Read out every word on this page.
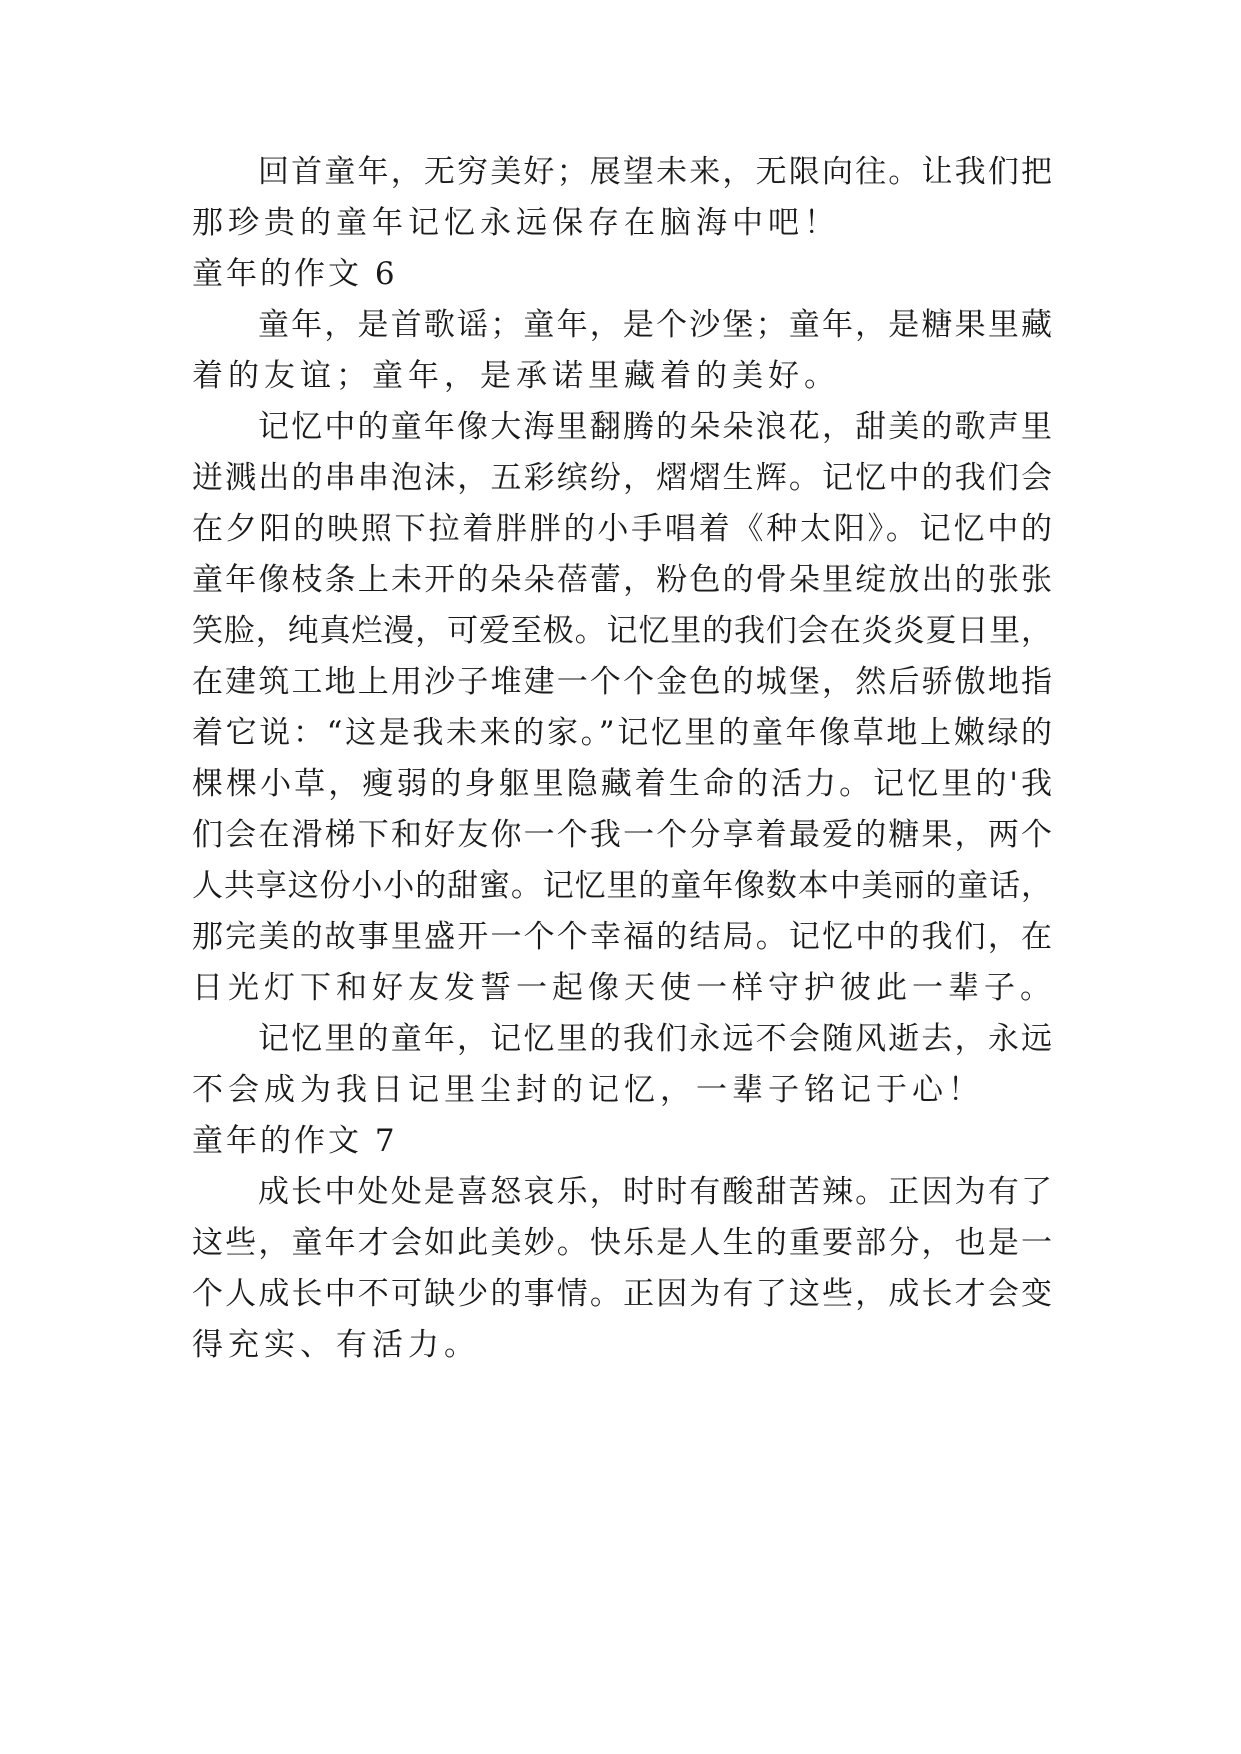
回首童年，无穷美好；展望未来，无限向往。让我们把
那珍贵的童年记忆永远保存在脑海中吧！
童年的作文 6
童年，是首歌谣；童年，是个沙堡；童年，是糖果里藏
着的友谊；童年，是承诺里藏着的美好。
记忆中的童年像大海里翻腾的朵朵浪花，甜美的歌声里
迸溅出的串串泡沫，五彩缤纷，熠熠生辉。记忆中的我们会
在夕阳的映照下拉着胖胖的小手唱着《种太阳》。记忆中的
童年像枝条上未开的朵朵蓓蕾，粉色的骨朵里绽放出的张张
笑脸，纯真烂漫，可爱至极。记忆里的我们会在炎炎夏日里，
在建筑工地上用沙子堆建一个个金色的城堡，然后骄傲地指
着它说：“这是我未来的家。”记忆里的童年像草地上嫩绿的
棵棵小草，瘦弱的身躯里隐藏着生命的活力。记忆里的'我
们会在滑梯下和好友你一个我一个分享着最爱的糖果，两个
人共享这份小小的甜蜜。记忆里的童年像数本中美丽的童话，
那完美的故事里盛开一个个幸福的结局。记忆中的我们，在
日光灯下和好友发誓一起像天使一样守护彼此一辈子。
记忆里的童年，记忆里的我们永远不会随风逝去，永远
不会成为我日记里尘封的记忆，一辈子铭记于心！
童年的作文 7
成长中处处是喜怒哀乐，时时有酸甜苦辣。正因为有了
这些，童年才会如此美妙。快乐是人生的重要部分，也是一
个人成长中不可缺少的事情。正因为有了这些，成长才会变
得充实、有活力。
